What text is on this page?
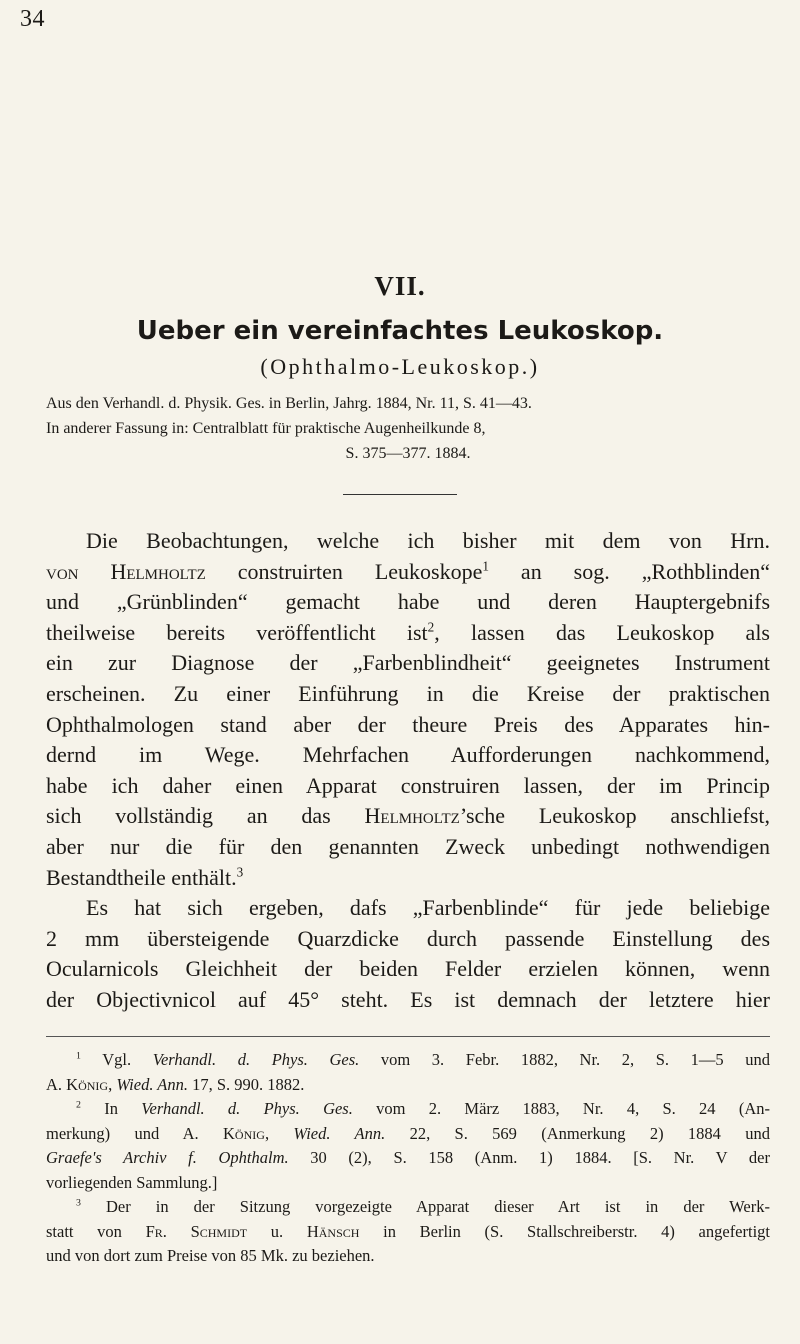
34
VII.
Ueber ein vereinfachtes Leukoskop.
(Ophthalmo-Leukoskop.)
Aus den Verhandl. d. Physik. Ges. in Berlin, Jahrg. 1884, Nr. 11, S. 41—43.
In anderer Fassung in: Centralblatt für praktische Augenheilkunde 8,
S. 375—377. 1884.
Die Beobachtungen, welche ich bisher mit dem von Hrn.
von Helmholtz construirten Leukoskope$^1$ an sog. „Rothblinden“
und „Grünblinden“ gemacht habe und deren Hauptergebnifs
theilweise bereits veröffentlicht ist$^2$, lassen das Leukoskop als
ein zur Diagnose der „Farbenblindheit“ geeignetes Instrument
erscheinen. Zu einer Einführung in die Kreise der praktischen
Ophthalmologen stand aber der theure Preis des Apparates hin-
dernd im Wege. Mehrfachen Aufforderungen nachkommend,
habe ich daher einen Apparat construiren lassen, der im Princip
sich vollständig an das Helmholtz’sche Leukoskop anschliefst,
aber nur die für den genannten Zweck unbedingt nothwendigen
Bestandtheile enthält.$^3$
Es hat sich ergeben, dafs „Farbenblinde“ für jede beliebige
2 mm übersteigende Quarzdicke durch passende Einstellung des
Ocularnicols Gleichheit der beiden Felder erzielen können, wenn
der Objectivnicol auf 45° steht. Es ist demnach der letztere hier
$^1$ Vgl. Verhandl. d. Phys. Ges. vom 3. Febr. 1882, Nr. 2, S. 1—5 und
A. König, Wied. Ann. 17, S. 990. 1882.
$^2$ In Verhandl. d. Phys. Ges. vom 2. März 1883, Nr. 4, S. 24 (An-
merkung) und A. König, Wied. Ann. 22, S. 569 (Anmerkung 2) 1884 und
Graefe's Archiv f. Ophthalm. 30 (2), S. 158 (Anm. 1) 1884. [S. Nr. V der
vorliegenden Sammlung.]
$^3$ Der in der Sitzung vorgezeigte Apparat dieser Art ist in der Werk-
statt von Fr. Schmidt u. Hänsch in Berlin (S. Stallschreiberstr. 4) angefertigt
und von dort zum Preise von 85 Mk. zu beziehen.
